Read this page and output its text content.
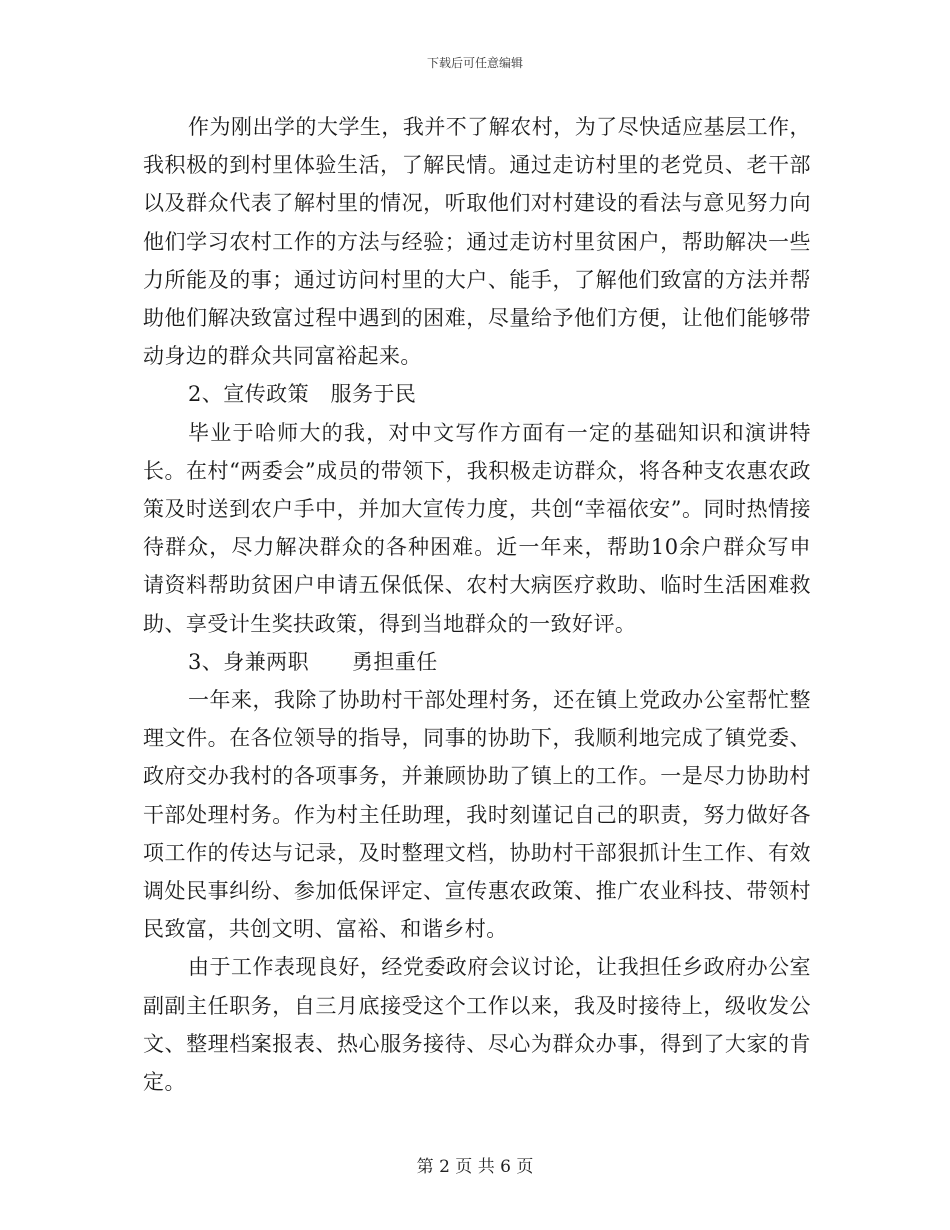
下载后可任意编辑

作为刚出学的大学生，我并不了解农村，为了尽快适应基层工作，我积极的到村里体验生活，了解民情。通过走访村里的老党员、老干部以及群众代表了解村里的情况，听取他们对村建设的看法与意见努力向他们学习农村工作的方法与经验；通过走访村里贫困户，帮助解决一些力所能及的事；通过访问村里的大户、能手，了解他们致富的方法并帮助他们解决致富过程中遇到的困难，尽量给予他们方便，让他们能够带动身边的群众共同富裕起来。

2、宣传政策　服务于民

毕业于哈师大的我，对中文写作方面有一定的基础知识和演讲特长。在村“两委会”成员的带领下，我积极走访群众，将各种支农惠农政策及时送到农户手中，并加大宣传力度，共创“幸福依安”。同时热情接待群众，尽力解决群众的各种困难。近一年来，帮助10余户群众写申请资料帮助贫困户申请五保低保、农村大病医疗救助、临时生活困难救助、享受计生奖扶政策，得到当地群众的一致好评。

3、身兼两职　　勇担重任

一年来，我除了协助村干部处理村务，还在镇上党政办公室帮忙整理文件。在各位领导的指导，同事的协助下，我顺利地完成了镇党委、政府交办我村的各项事务，并兼顾协助了镇上的工作。一是尽力协助村干部处理村务。作为村主任助理，我时刻谨记自己的职责，努力做好各项工作的传达与记录，及时整理文档，协助村干部狠抓计生工作、有效调处民事纠纷、参加低保评定、宣传惠农政策、推广农业科技、带领村民致富，共创文明、富裕、和谐乡村。

由于工作表现良好，经党委政府会议讨论，让我担任乡政府办公室副副主任职务，自三月底接受这个工作以来，我及时接待上，级收发公文、整理档案报表、热心服务接待、尽心为群众办事，得到了大家的肯定。

第 2 页 共 6 页
